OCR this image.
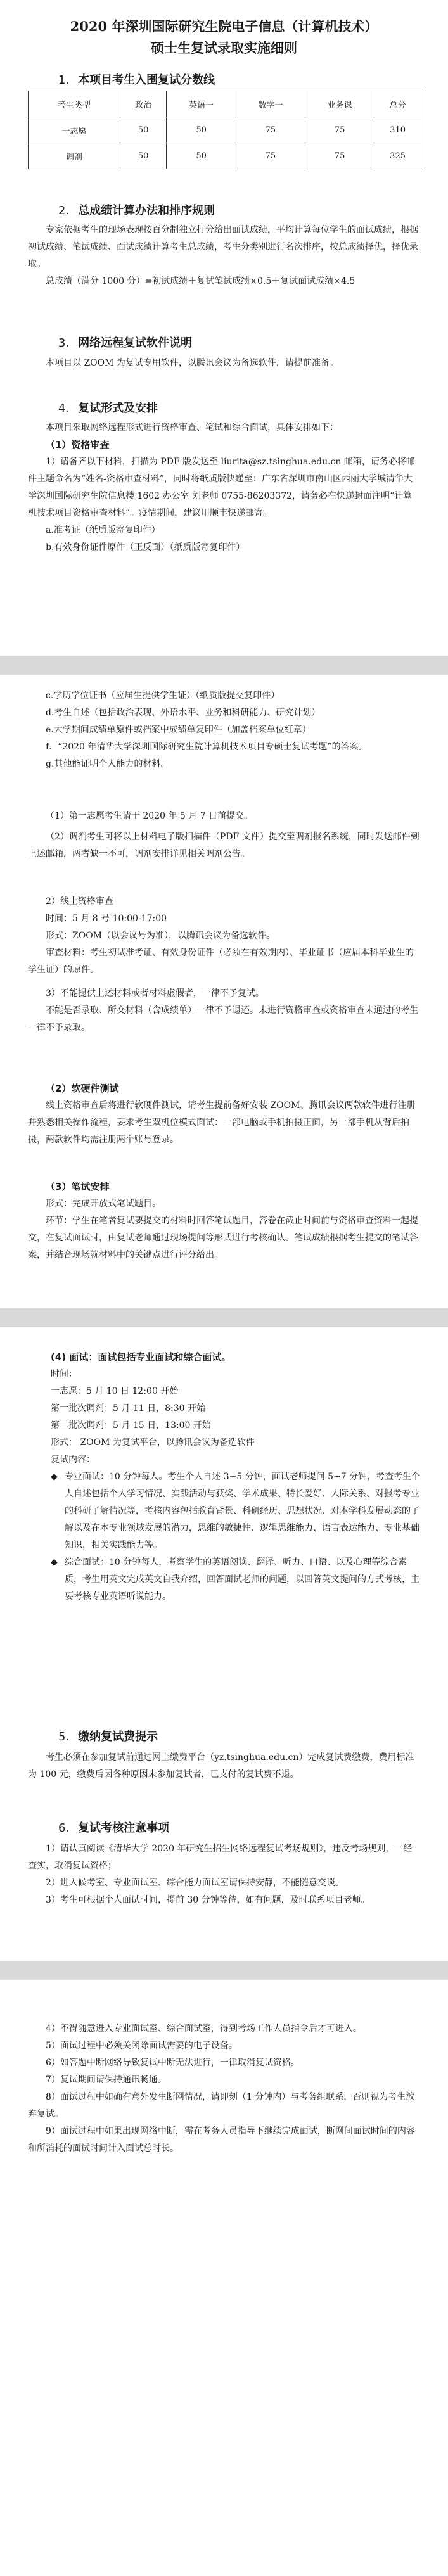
2020 年深圳国际研究生院电子信息（计算机技术）
硕士生复试录取实施细则
1. 本项目考生入围复试分数线
考生类型	政治	英语一	数学一	业务课	总分
一志愿	50	50	75	75	310
调剂	50	50	75	75	325
2. 总成绩计算办法和排序规则

专家依据考生的现场表现按百分制独立打分给出面试成绩，平均计算每位学生的面试成绩，根据初试成绩、笔试成绩、面试成绩计算考生总成绩，考生分类别进行名次排序，按总成绩择优，择优录取。

总成绩（满分 1000 分）=初试成绩＋复试笔试成绩×0.5＋复试面试成绩×4.5

3. 网络远程复试软件说明

本项目以 ZOOM 为复试专用软件，以腾讯会议为备选软件，请提前准备。

4. 复试形式及安排

本项目采取网络远程形式进行资格审查、笔试和综合面试，具体安排如下：

（1）资格审查

1）请备齐以下材料，扫描为 PDF 版发送至 liurita@sz.tsinghua.edu.cn 邮箱，请务必将邮件主题命名为“姓名-资格审查材料”，同时将纸质版快递至：广东省深圳市南山区西丽大学城清华大学深圳国际研究生院信息楼 1602 办公室 刘老师 0755-86203372，请务必在快递封面注明“计算机技术项目资格审查材料”。疫情期间，建议用顺丰快递邮寄。

a.准考证（纸质版寄复印件）

b.有效身份证件原件（正反面）（纸质版寄复印件）

c.学历学位证书（应届生提供学生证）（纸质版提交复印件）

d.考生自述（包括政治表现、外语水平、业务和科研能力、研究计划）

e.大学期间成绩单原件或档案中成绩单复印件（加盖档案单位红章）

f．“2020 年清华大学深圳国际研究生院计算机技术项目专硕士复试考题”的答案。

g.其他能证明个人能力的材料。

（1）第一志愿考生请于 2020 年 5 月 7 日前提交。

（2）调剂考生可将以上材料电子版扫描件（PDF 文件）提交至调剂报名系统，同时发送邮件到上述邮箱，两者缺一不可，调剂安排详见相关调剂公告。

2）线上资格审查

时间：5 月 8 号 10:00-17:00

形式：ZOOM（以会议号为准），以腾讯会议为备选软件。

审查材料：考生初试准考证、有效身份证件（必须在有效期内）、毕业证书（应届本科毕业生的学生证）的原件。

3）不能提供上述材料或者材料虚假者，一律不予复试。

不能是否录取、所交材料（含成绩单）一律不予退还。未进行资格审查或资格审查未通过的考生一律不予录取。

（2）软硬件测试

线上资格审查后将进行软硬件测试，请考生提前备好安装 ZOOM、腾讯会议两款软件进行注册并熟悉相关操作流程，要求考生双机位模式面试：一部电脑或手机拍摄正面，另一部手机从背后拍摄，两款软件均需注册两个账号登录。

（3）笔试安排

形式：完成开放式笔试题目。

环节：学生在笔者复试要提交的材料时回答笔试题目，答卷在截止时间前与资格审查资料一起提交，在复试面试时，由复试老师通过现场提问等形式进行考核确认。笔试成绩根据考生提交的笔试答案，并结合现场就材料中的关键点进行评分给出。

(4) 面试：面试包括专业面试和综合面试。

时间：

一志愿：5 月 10 日 12:00 开始

第一批次调剂：5 月 11 日，8:30 开始

第二批次调剂：5 月 15 日，13:00 开始

形式： ZOOM 为复试平台，以腾讯会议为备选软件

复试内容：

◆ 专业面试：10 分钟每人。考生个人自述 3~5 分钟，面试老师提问 5~7 分钟，考查考生个人自述包括个人学习情况、实践活动与获奖、学术成果、特长爱好、人际关系、对报考专业的科研了解情况等，考核内容包括教育背景、科研经历、思想状况、对本学科发展动态的了解以及在本专业领域发展的潜力，思维的敏捷性、逻辑思维能力、语言表达能力、专业基础知识，相关实践能力等。

◆ 综合面试：10 分钟每人，考察学生的英语阅读、翻译、听力、口语、以及心理等综合素质，考生用英文完成英文自我介绍，回答面试老师的问题，以回答英文提问的方式考核，主要考核专业英语听说能力。

5. 缴纳复试费提示

考生必须在参加复试前通过网上缴费平台（yz.tsinghua.edu.cn）完成复试费缴费，费用标准为 100 元，缴费后因各种原因未参加复试者，已支付的复试费不退。

6. 复试考核注意事项

1）请认真阅读《清华大学 2020 年研究生招生网络远程复试考场规则》，违反考场规则，一经查实，取消复试资格；

2）进入候考室、专业面试室、综合能力面试室请保持安静，不能随意交谈。

3）考生可根据个人面试时间，提前 30 分钟等待，如有问题，及时联系项目老师。

4）不得随意进入专业面试室、综合面试室，得到考场工作人员指令后才可进入。

5）面试过程中必须关闭除面试需要的电子设备。

6）如答题中断网络导致复试中断无法进行，一律取消复试资格。

7）复试期间请保持通讯畅通。

8）面试过程中如确有意外发生断网情况，请即刻（1 分钟内）与考务组联系，否则视为考生放弃复试。

9）面试过程中如果出现网络中断，需在考务人员指导下继续完成面试，断网间面试时间的内容和所消耗的面试时间计入面试总时长。
